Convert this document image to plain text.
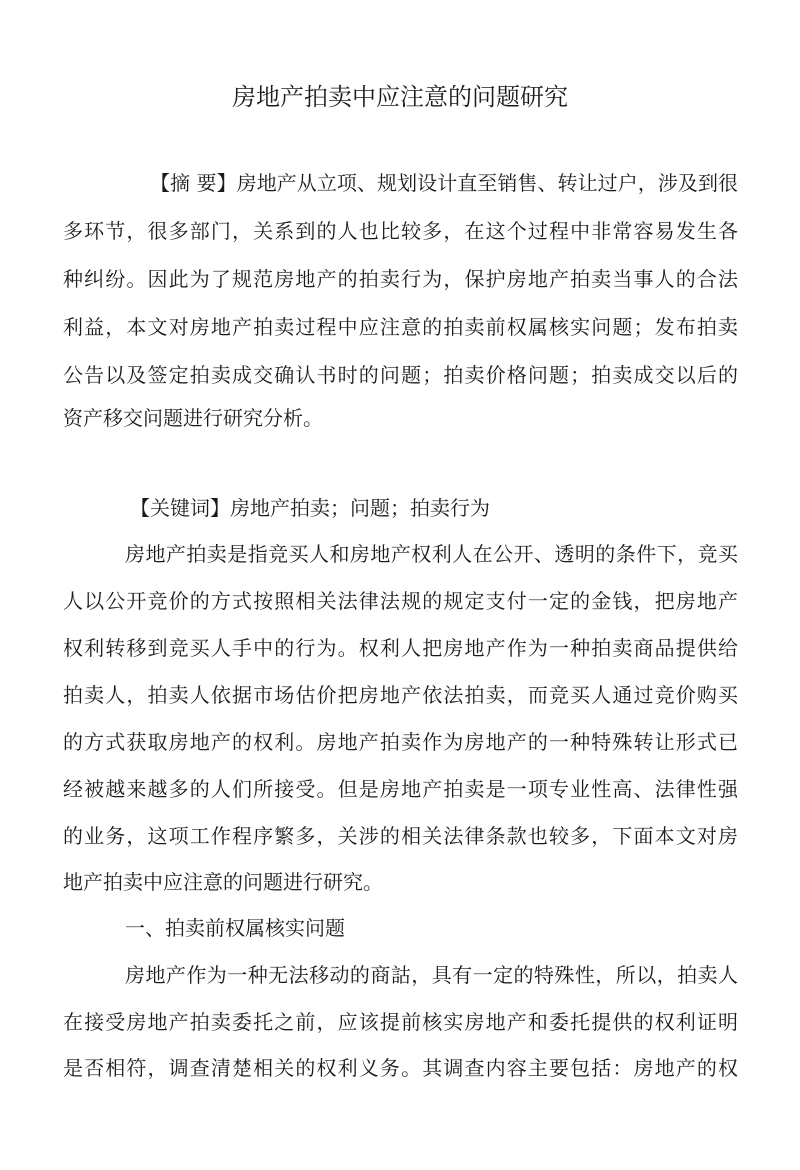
房地产拍卖中应注意的问题研究
【摘 要】房地产从立项、规划设计直至销售、转让过户，涉及到很
多环节，很多部门，关系到的人也比较多，在这个过程中非常容易发生各
种纠纷。因此为了规范房地产的拍卖行为，保护房地产拍卖当事人的合法
利益，本文对房地产拍卖过程中应注意的拍卖前权属核实问题；发布拍卖
公告以及签定拍卖成交确认书时的问题；拍卖价格问题；拍卖成交以后的
资产移交问题进行研究分析。
【关键词】房地产拍卖；问题；拍卖行为
房地产拍卖是指竞买人和房地产权利人在公开、透明的条件下，竞买
人以公开竞价的方式按照相关法律法规的规定支付一定的金钱，把房地产
权利转移到竞买人手中的行为。权利人把房地产作为一种拍卖商品提供给
拍卖人，拍卖人依据市场估价把房地产依法拍卖，而竞买人通过竞价购买
的方式获取房地产的权利。房地产拍卖作为房地产的一种特殊转让形式已
经被越来越多的人们所接受。但是房地产拍卖是一项专业性高、法律性强
的业务，这项工作程序繁多，关涉的相关法律条款也较多，下面本文对房
地产拍卖中应注意的问题进行研究。
一、拍卖前权属核实问题
房地产作为一种无法移动的商詁，具有一定的特殊性，所以，拍卖人
在接受房地产拍卖委托之前，应该提前核实房地产和委托提供的权利证明
是否相符，调查清楚相关的权利义务。其调查内容主要包括：房地产的权
